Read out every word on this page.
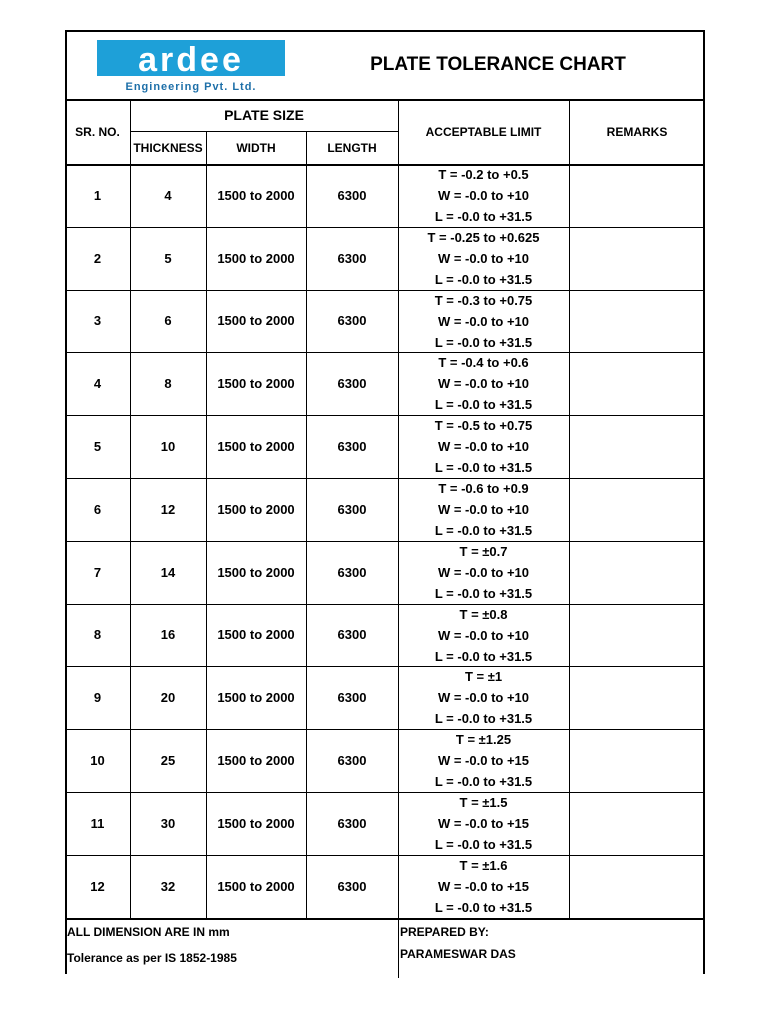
ardee
Engineering Pvt. Ltd.
PLATE TOLERANCE CHART
SR. NO.
PLATE SIZE
THICKNESS	WIDTH	LENGTH
ACCEPTABLE LIMIT	REMARKS
ALL DIMENSION ARE IN mm
Tolerance as per IS 1852-1985
PREPARED BY:
PARAMESWAR DAS
1	4	1500 to 2000	6300
T = -0.2 to +0.5
W = -0.0 to +10
L = -0.0 to +31.5
2	5	1500 to 2000	6300
T = -0.25 to +0.625
W = -0.0 to +10
L = -0.0 to +31.5
3	6	1500 to 2000	6300
T = -0.3 to +0.75
W = -0.0 to +10
L = -0.0 to +31.5
4	8	1500 to 2000	6300
T = -0.4 to +0.6
W = -0.0 to +10
L = -0.0 to +31.5
5	10	1500 to 2000	6300
T = -0.5 to +0.75
W = -0.0 to +10
L = -0.0 to +31.5
6	12	1500 to 2000	6300
T = -0.6 to +0.9
W = -0.0 to +10
L = -0.0 to +31.5
7	14	1500 to 2000	6300
T = ±0.7
W = -0.0 to +10
L = -0.0 to +31.5
8	16	1500 to 2000	6300
T = ±0.8
W = -0.0 to +10
L = -0.0 to +31.5
9	20	1500 to 2000	6300
T = ±1
W = -0.0 to +10
L = -0.0 to +31.5
10	25	1500 to 2000	6300
T = ±1.25
W = -0.0 to +15
L = -0.0 to +31.5
11	30	1500 to 2000	6300
T = ±1.5
W = -0.0 to +15
L = -0.0 to +31.5
12	32	1500 to 2000	6300
T = ±1.6
W = -0.0 to +15
L = -0.0 to +31.5
